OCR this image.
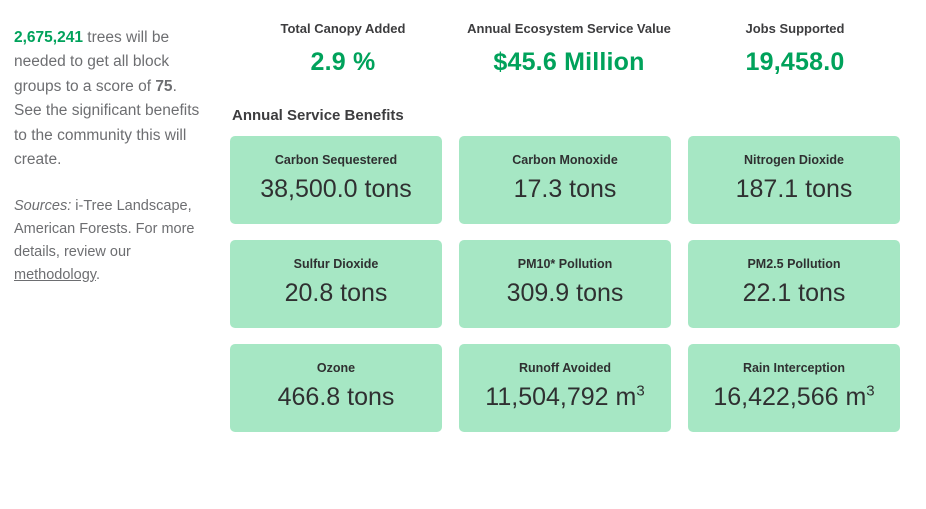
2,675,241 trees will be needed to get all block groups to a score of 75. See the significant benefits to the community this will create.

Sources: i-Tree Landscape, American Forests. For more details, review our methodology.

Total Canopy Added
2.9 %
Annual Ecosystem Service Value
$45.6 Million
Jobs Supported
19,458.0
Annual Service Benefits
Carbon Sequestered
38,500.0 tons
Carbon Monoxide
17.3 tons
Nitrogen Dioxide
187.1 tons
Sulfur Dioxide
20.8 tons
PM10* Pollution
309.9 tons
PM2.5 Pollution
22.1 tons
Ozone
466.8 tons
Runoff Avoided
11,504,792 $m^3$
Rain Interception
16,422,566 $m^3$
